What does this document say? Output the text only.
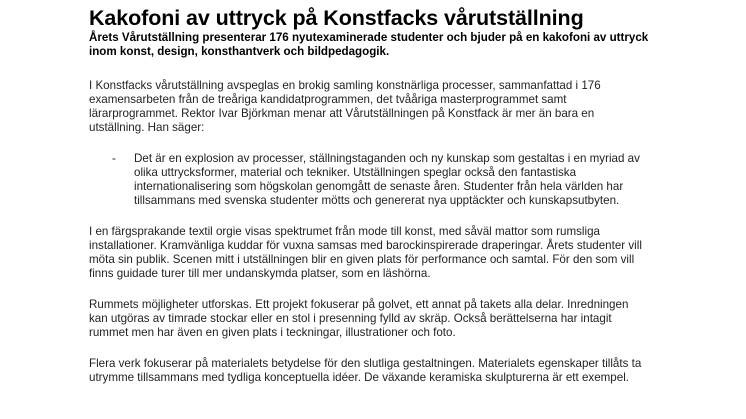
Kakofoni av uttryck på Konstfacks vårutställning

Årets Vårutställning presenterar 176 nyutexaminerade studenter och bjuder på en kakofoni av uttryck inom konst, design, konsthantverk och bildpedagogik.

I Konstfacks vårutställning avspeglas en brokig samling konstnärliga processer, sammanfattad i 176 examensarbeten från de treåriga kandidatprogrammen, det tvååriga masterprogrammet samt lärarprogrammet. Rektor Ivar Björkman menar att Vårutställningen på Konstfack är mer än bara en utställning. Han säger:

- Det är en explosion av processer, ställningstaganden och ny kunskap som gestaltas i en myriad av olika uttrycksformer, material och tekniker. Utställningen speglar också den fantastiska internationalisering som högskolan genomgått de senaste åren. Studenter från hela världen har tillsammans med svenska studenter mötts och genererat nya upptäckter och kunskapsutbyten.

I en färgsprakande textil orgie visas spektrumet från mode till konst, med såväl mattor som rumsliga installationer. Kramvänliga kuddar för vuxna samsas med barockinspirerade draperingar. Årets studenter vill möta sin publik. Scenen mitt i utställningen blir en given plats för performance och samtal. För den som vill finns guidade turer till mer undanskymda platser, som en läshörna.

Rummets möjligheter utforskas. Ett projekt fokuserar på golvet, ett annat på takets alla delar. Inredningen kan utgöras av timrade stockar eller en stol i presenning fylld av skräp. Också berättelserna har intagit rummet men har även en given plats i teckningar, illustrationer och foto.

Flera verk fokuserar på materialets betydelse för den slutliga gestaltningen. Materialets egenskaper tillåts ta utrymme tillsammans med tydliga konceptuella idéer. De växande keramiska skulpturerna är ett exempel.
